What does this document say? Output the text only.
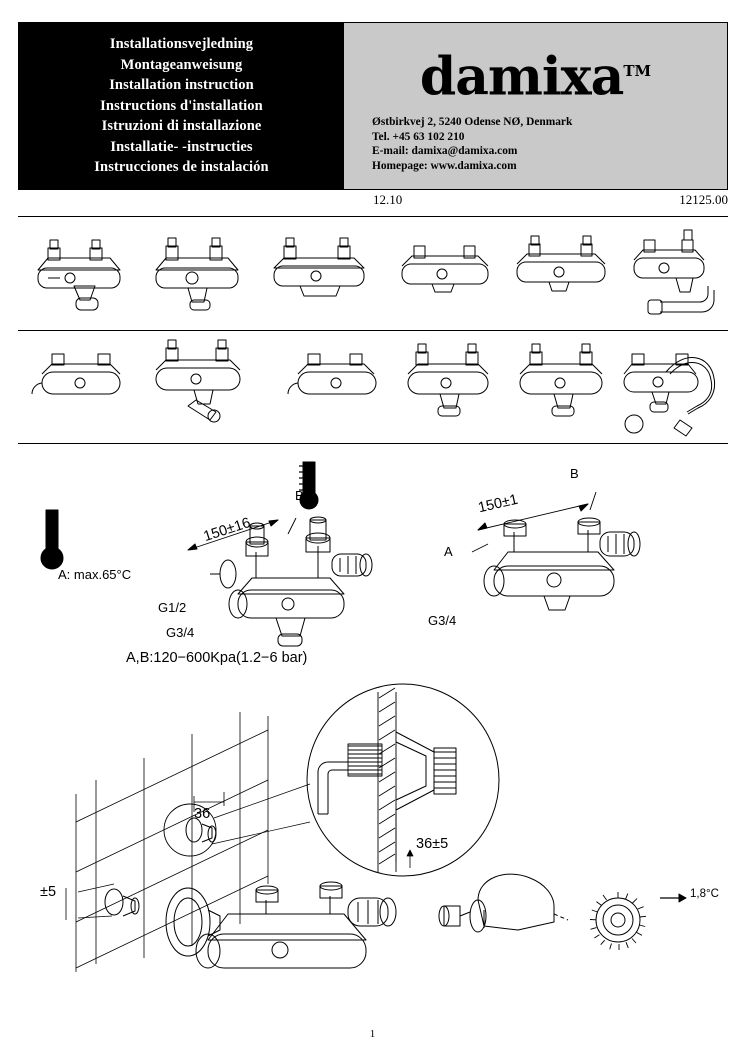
Installationsvejledning
Montageanweisung
Installation instruction
Instructions d'installation
Istruzioni di installazione
Installatie- -instructies
Instrucciones de instalación
damixa™
Østbirkvej 2, 5240 Odense NØ, Denmark
Tel. +45 63 102 210
E-mail: damixa@damixa.com
Homepage: www.damixa.com
12.10	12125.00
A: max.65°C
150±16
B
G1/2
G3/4
150±1
B
A
G3/4
A,B:120−600Kpa(1.2−6 bar)
36
36±5
±5	1,8°C
1
